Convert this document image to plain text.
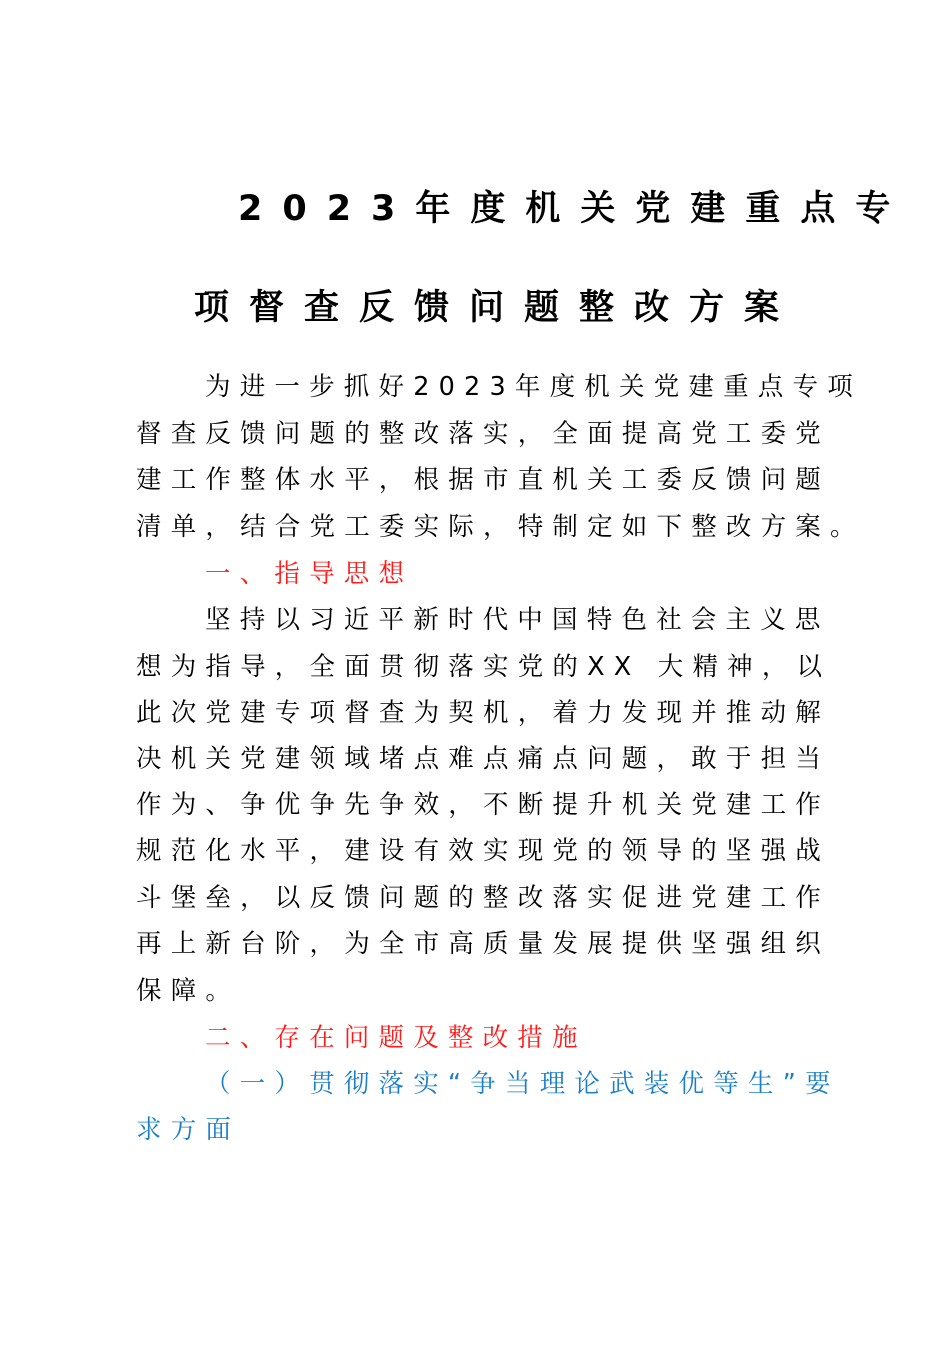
2023年度机关党建重点专
项督查反馈问题整改方案
为进一步抓好2023年度机关党建重点专项
督查反馈问题的整改落实，全面提高党工委党
建工作整体水平，根据市直机关工委反馈问题
清单，结合党工委实际，特制定如下整改方案。
一、指导思想
坚持以习近平新时代中国特色社会主义思
想为指导，全面贯彻落实党的XX 大精神，以
此次党建专项督查为契机，着力发现并推动解
决机关党建领域堵点难点痛点问题，敢于担当
作为、争优争先争效，不断提升机关党建工作
规范化水平，建设有效实现党的领导的坚强战
斗堡垒，以反馈问题的整改落实促进党建工作
再上新台阶，为全市高质量发展提供坚强组织
保障。
二、存在问题及整改措施
（一）贯彻落实“争当理论武装优等生”要
求方面
